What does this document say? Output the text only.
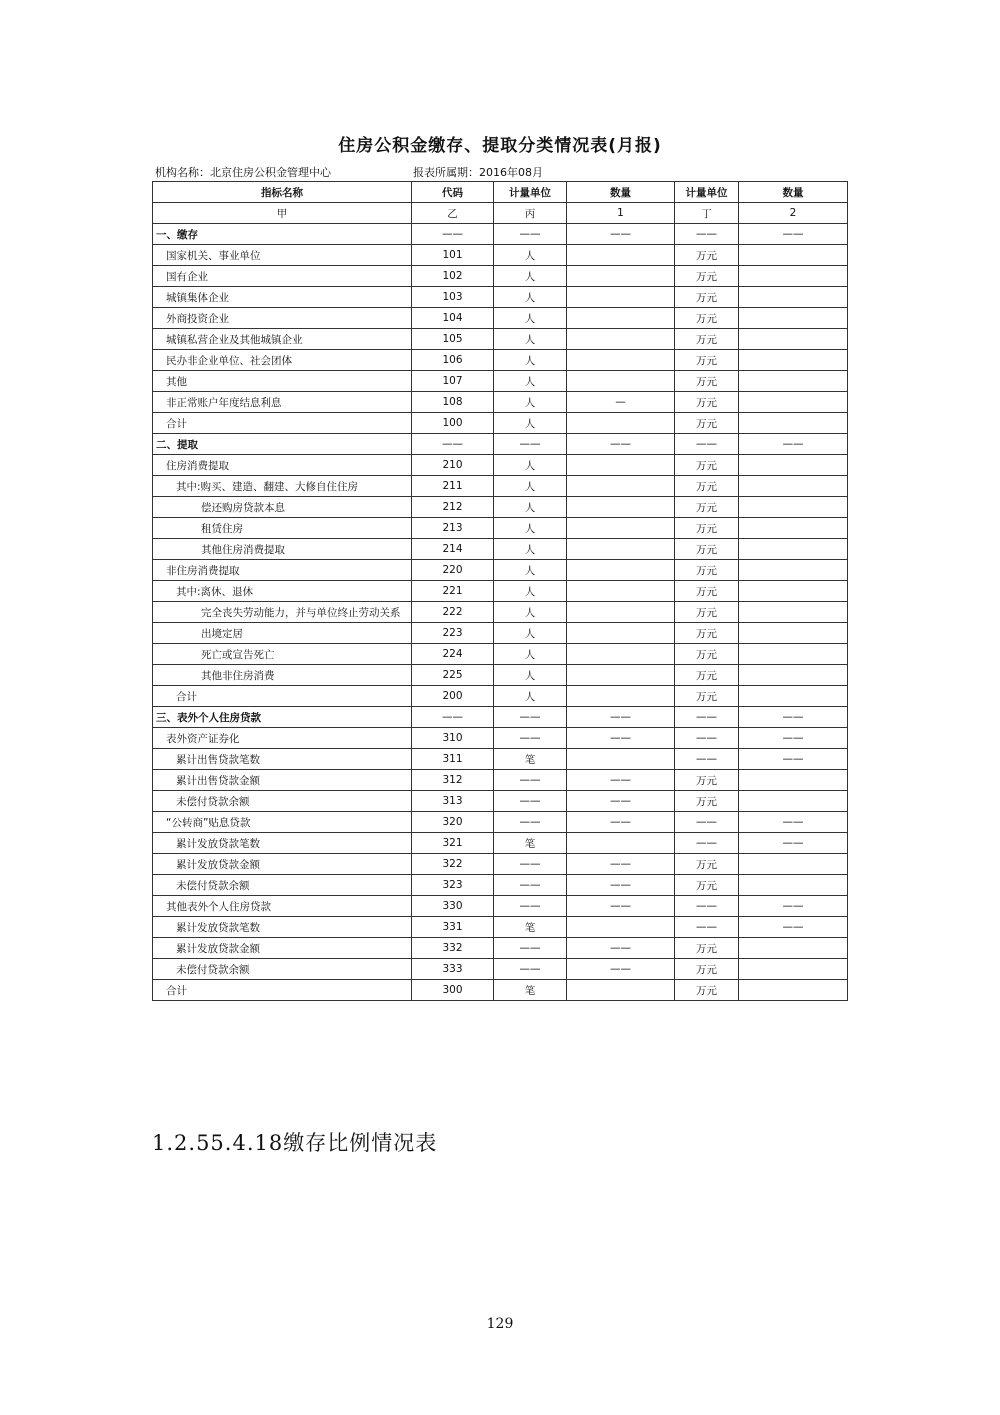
住房公积金缴存、提取分类情况表(月报)
机构名称：北京住房公积金管理中心	报表所属期：2016年08月
指标名称	代码	计量单位	数量	计量单位	数量
甲	乙	丙	1	丁	2
一、缴存	——	——	——	——	——
国家机关、事业单位	101	人		万元	
国有企业	102	人		万元	
城镇集体企业	103	人		万元	
外商投资企业	104	人		万元	
城镇私营企业及其他城镇企业	105	人		万元	
民办非企业单位、社会团体	106	人		万元	
其他	107	人		万元	
非正常账户年度结息利息	108	人	—	万元	
合计	100	人		万元	
二、提取	——	——	——	——	——
住房消费提取	210	人		万元	
其中:购买、建造、翻建、大修自住住房	211	人		万元	
偿还购房贷款本息	212	人		万元	
租赁住房	213	人		万元	
其他住房消费提取	214	人		万元	
非住房消费提取	220	人		万元	
其中:离休、退休	221	人		万元	
完全丧失劳动能力，并与单位终止劳动关系	222	人		万元	
出境定居	223	人		万元	
死亡或宣告死亡	224	人		万元	
其他非住房消费	225	人		万元	
合计	200	人		万元	
三、表外个人住房贷款	——	——	——	——	——
表外资产证券化	310	——	——	——	——
累计出售贷款笔数	311	笔		——	——
累计出售贷款金额	312	——	——	万元	
未偿付贷款余额	313	——	——	万元	
“公转商”贴息贷款	320	——	——	——	——
累计发放贷款笔数	321	笔		——	——
累计发放贷款金额	322	——	——	万元	
未偿付贷款余额	323	——	——	万元	
其他表外个人住房贷款	330	——	——	——	——
累计发放贷款笔数	331	笔		——	——
累计发放贷款金额	332	——	——	万元	
未偿付贷款余额	333	——	——	万元	
合计	300	笔		万元	
1.2.55.4.18缴存比例情况表
129
